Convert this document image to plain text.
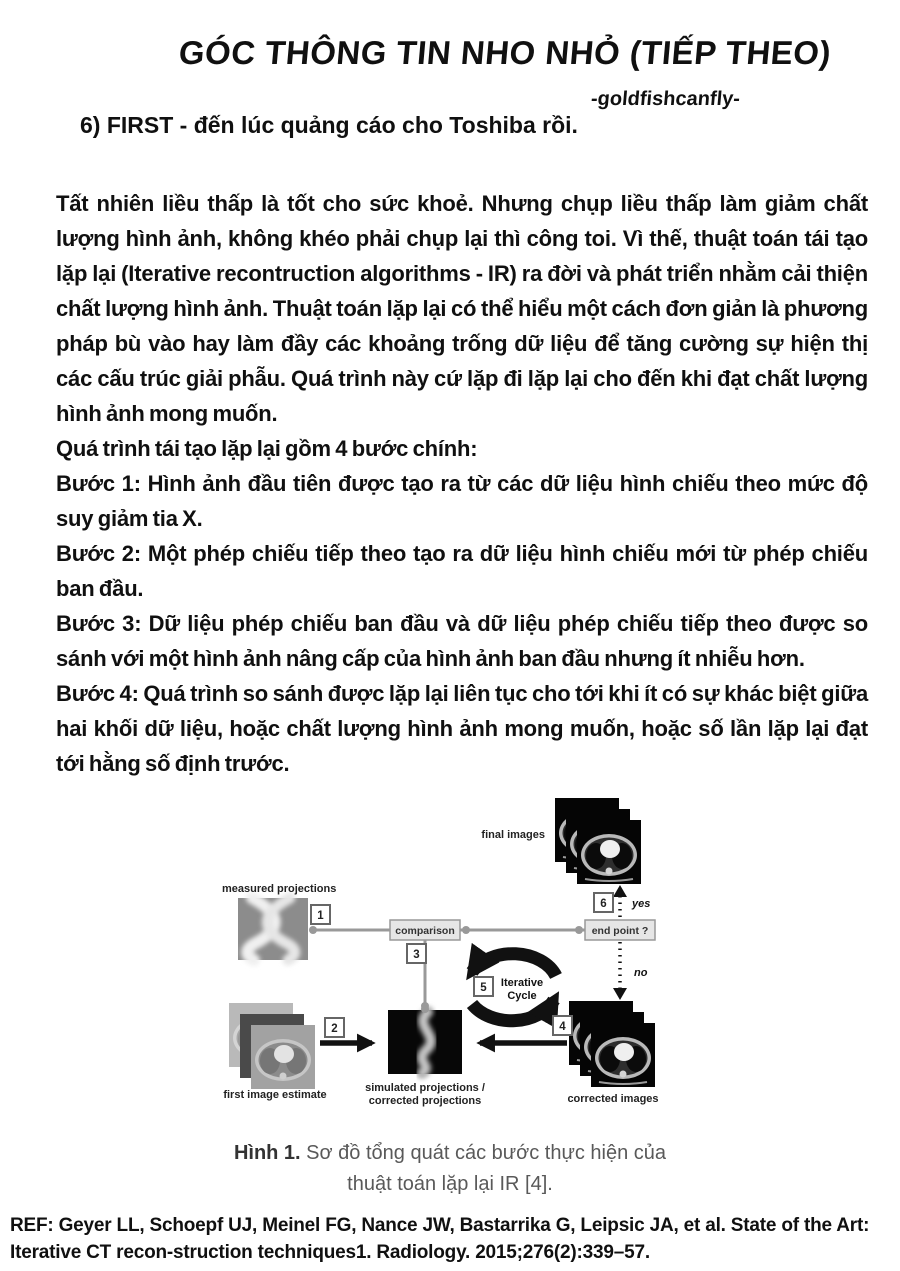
GÓC THÔNG TIN NHO NHỎ (TIẾP THEO)
-goldfishcanfly-
6) FIRST - đến lúc quảng cáo cho Toshiba rồi.

Tất nhiên liều thấp là tốt cho sức khoẻ. Nhưng chụp liều thấp làm giảm chất lượng hình ảnh, không khéo phải chụp lại thì công toi. Vì thế, thuật toán tái tạo lặp lại (Iterative recontruction algorithms - IR) ra đời và phát triển nhằm cải thiện chất lượng hình ảnh. Thuật toán lặp lại có thể hiểu một cách đơn giản là phương pháp bù vào hay làm đầy các khoảng trống dữ liệu để tăng cường sự hiện thị các cấu trúc giải phẫu. Quá trình này cứ lặp đi lặp lại cho đến khi đạt chất lượng hình ảnh mong muốn.

Quá trình tái tạo lặp lại gồm 4 bước chính:

Bước 1: Hình ảnh đầu tiên được tạo ra từ các dữ liệu hình chiếu theo mức độ suy giảm tia X.

Bước 2: Một phép chiếu tiếp theo tạo ra dữ liệu hình chiếu mới từ phép chiếu ban đầu.

Bước 3: Dữ liệu phép chiếu ban đầu và dữ liệu phép chiếu tiếp theo được so sánh với một hình ảnh nâng cấp của hình ảnh ban đầu nhưng ít nhiễu hơn.

Bước 4: Quá trình so sánh được lặp lại liên tục cho tới khi ít có sự khác biệt giữa hai khối dữ liệu, hoặc chất lượng hình ảnh mong muốn, hoặc số lần lặp lại đạt tới hằng số định trước.

measured projections
final images
corrected images
first image estimate
simulated projections /
corrected projections
comparison	end point ?
yes
no
Iterative
Cycle
1
2
3
4
5
6
Hình 1. Sơ đồ tổng quát các bước thực hiện của thuật toán lặp lại IR [4].
REF: Geyer LL, Schoepf UJ, Meinel FG, Nance JW, Bastarrika G, Leipsic JA, et al. State of the Art: Iterative CT recon-struction techniques1. Radiology. 2015;276(2):339–57.
